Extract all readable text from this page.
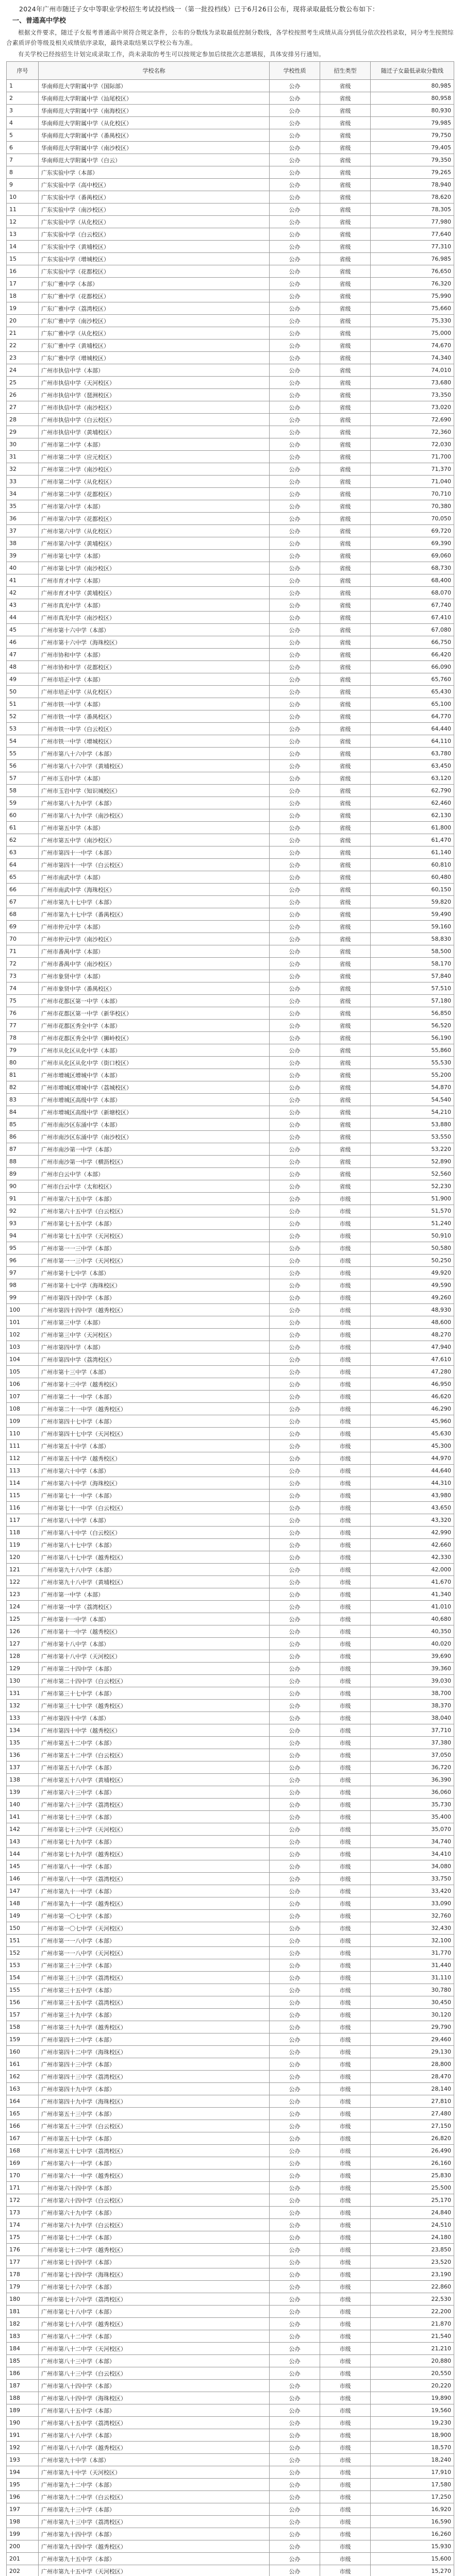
2024年广州市随迁子女中等职业学校招生考试投档线一（第一批投档线）已于6月26日公布，现将录取最低分数公布如下：

一、普通高中学校

根据文件要求，随迁子女报考普通高中须符合规定条件，公布的分数线为录取最低控制分数线，各学校按照考生成绩从高分到低分依次投档录取，同分考生按照综合素质评价等级及相关成绩依序录取，最终录取结果以学校公布为准。

有关学校已经按招生计划完成录取工作，尚未录取的考生可以按规定参加后续批次志愿填报，具体安排另行通知。

序号	学校名称	学校性质	招生类型	随迁子女最低录取分数线
1	华南师范大学附属中学（国际部）	公办	省级	80,985
2	华南师范大学附属中学（汕尾校区）	公办	省级	80,958
3	华南师范大学附属中学（南海校区）	公办	省级	80,930
4	华南师范大学附属中学（从化校区）	公办	省级	79,985
5	华南师范大学附属中学（番禺校区）	公办	省级	79,750
6	华南师范大学附属中学（南沙校区）	公办	省级	79,405
7	华南师范大学附属中学（白云）	公办	省级	79,350
8	广东实验中学（本部）	公办	省级	79,265
9	广东实验中学（高中校区）	公办	省级	78,940
10	广东实验中学（番禺校区）	公办	省级	78,620
11	广东实验中学（南沙校区）	公办	省级	78,305
12	广东实验中学（从化校区）	公办	省级	77,980
13	广东实验中学（白云校区）	公办	省级	77,640
14	广东实验中学（黄埔校区）	公办	省级	77,310
15	广东实验中学（增城校区）	公办	省级	76,985
16	广东实验中学（花都校区）	公办	省级	76,650
17	广东广雅中学（本部）	公办	省级	76,320
18	广东广雅中学（花都校区）	公办	省级	75,990
19	广东广雅中学（荔湾校区）	公办	省级	75,660
20	广东广雅中学（南沙校区）	公办	省级	75,330
21	广东广雅中学（从化校区）	公办	省级	75,000
22	广东广雅中学（黄埔校区）	公办	省级	74,670
23	广东广雅中学（增城校区）	公办	省级	74,340
24	广州市执信中学（本部）	公办	省级	74,010
25	广州市执信中学（天河校区）	公办	省级	73,680
26	广州市执信中学（琶洲校区）	公办	省级	73,350
27	广州市执信中学（南沙校区）	公办	省级	73,020
28	广州市执信中学（白云校区）	公办	省级	72,690
29	广州市执信中学（黄埔校区）	公办	省级	72,360
30	广州市第二中学（本部）	公办	省级	72,030
31	广州市第二中学（应元校区）	公办	省级	71,700
32	广州市第二中学（南沙校区）	公办	省级	71,370
33	广州市第二中学（从化校区）	公办	省级	71,040
34	广州市第二中学（花都校区）	公办	省级	70,710
35	广州市第六中学（本部）	公办	省级	70,380
36	广州市第六中学（花都校区）	公办	省级	70,050
37	广州市第六中学（从化校区）	公办	省级	69,720
38	广州市第六中学（黄埔校区）	公办	省级	69,390
39	广州市第七中学（本部）	公办	省级	69,060
40	广州市第七中学（南沙校区）	公办	省级	68,730
41	广州市育才中学（本部）	公办	省级	68,400
42	广州市育才中学（黄埔校区）	公办	省级	68,070
43	广州市真光中学（本部）	公办	省级	67,740
44	广州市真光中学（南沙校区）	公办	省级	67,410
45	广州市第十六中学（本部）	公办	省级	67,080
46	广州市第十六中学（海珠校区）	公办	省级	66,750
47	广州市协和中学（本部）	公办	省级	66,420
48	广州市协和中学（花都校区）	公办	省级	66,090
49	广州市培正中学（本部）	公办	省级	65,760
50	广州市培正中学（从化校区）	公办	省级	65,430
51	广州市铁一中学（本部）	公办	省级	65,100
52	广州市铁一中学（番禺校区）	公办	省级	64,770
53	广州市铁一中学（白云校区）	公办	省级	64,440
54	广州市铁一中学（增城校区）	公办	省级	64,110
55	广州市第八十六中学（本部）	公办	省级	63,780
56	广州市第八十六中学（黄埔校区）	公办	省级	63,450
57	广州市玉岩中学（本部）	公办	省级	63,120
58	广州市玉岩中学（知识城校区）	公办	省级	62,790
59	广州市第八十九中学（本部）	公办	省级	62,460
60	广州市第八十九中学（南沙校区）	公办	省级	62,130
61	广州市第五中学（本部）	公办	省级	61,800
62	广州市第五中学（南沙校区）	公办	省级	61,470
63	广州市第四十一中学（本部）	公办	省级	61,140
64	广州市第四十一中学（白云校区）	公办	省级	60,810
65	广州市南武中学（本部）	公办	省级	60,480
66	广州市南武中学（海珠校区）	公办	省级	60,150
67	广州市第九十七中学（本部）	公办	省级	59,820
68	广州市第九十七中学（番禺校区）	公办	省级	59,490
69	广州市仲元中学（本部）	公办	省级	59,160
70	广州市仲元中学（南沙校区）	公办	省级	58,830
71	广州市番禺中学（本部）	公办	省级	58,500
72	广州市番禺中学（南沙校区）	公办	省级	58,170
73	广州市象贤中学（本部）	公办	省级	57,840
74	广州市象贤中学（番禺校区）	公办	省级	57,510
75	广州市花都区第一中学（本部）	公办	省级	57,180
76	广州市花都区第一中学（新华校区）	公办	省级	56,850
77	广州市花都区秀全中学（本部）	公办	省级	56,520
78	广州市花都区秀全中学（狮岭校区）	公办	省级	56,190
79	广州市从化区从化中学（本部）	公办	省级	55,860
80	广州市从化区从化中学（街口校区）	公办	省级	55,530
81	广州市增城区增城中学（本部）	公办	省级	55,200
82	广州市增城区增城中学（荔城校区）	公办	省级	54,870
83	广州市增城区高级中学（本部）	公办	省级	54,540
84	广州市增城区高级中学（新塘校区）	公办	省级	54,210
85	广州市南沙区东涌中学（本部）	公办	省级	53,880
86	广州市南沙区东涌中学（南沙校区）	公办	省级	53,550
87	广州市南沙第一中学（本部）	公办	省级	53,220
88	广州市南沙第一中学（横沥校区）	公办	省级	52,890
89	广州市白云中学（本部）	公办	省级	52,560
90	广州市白云中学（太和校区）	公办	省级	52,230
91	广州市第六十五中学（本部）	公办	市级	51,900
92	广州市第六十五中学（白云校区）	公办	市级	51,570
93	广州市第七十五中学（本部）	公办	市级	51,240
94	广州市第七十五中学（天河校区）	公办	市级	50,910
95	广州市第一一三中学（本部）	公办	市级	50,580
96	广州市第一一三中学（天河校区）	公办	市级	50,250
97	广州市第十七中学（本部）	公办	市级	49,920
98	广州市第十七中学（海珠校区）	公办	市级	49,590
99	广州市第四十四中学（本部）	公办	市级	49,260
100	广州市第四十四中学（越秀校区）	公办	市级	48,930
101	广州市第三中学（本部）	公办	市级	48,600
102	广州市第三中学（天河校区）	公办	市级	48,270
103	广州市第四中学（本部）	公办	市级	47,940
104	广州市第四中学（荔湾校区）	公办	市级	47,610
105	广州市第十三中学（本部）	公办	市级	47,280
106	广州市第十三中学（越秀校区）	公办	市级	46,950
107	广州市第二十一中学（本部）	公办	市级	46,620
108	广州市第二十一中学（越秀校区）	公办	市级	46,290
109	广州市第四十七中学（本部）	公办	市级	45,960
110	广州市第四十七中学（天河校区）	公办	市级	45,630
111	广州市第五十中学（本部）	公办	市级	45,300
112	广州市第五十中学（越秀校区）	公办	市级	44,970
113	广州市第六十中学（本部）	公办	市级	44,640
114	广州市第六十中学（海珠校区）	公办	市级	44,310
115	广州市第七十一中学（本部）	公办	市级	43,980
116	广州市第七十一中学（白云校区）	公办	市级	43,650
117	广州市第八十中学（本部）	公办	市级	43,320
118	广州市第八十中学（白云校区）	公办	市级	42,990
119	广州市第八十七中学（本部）	公办	市级	42,660
120	广州市第八十七中学（越秀校区）	公办	市级	42,330
121	广州市第九十八中学（本部）	公办	市级	42,000
122	广州市第九十八中学（黄埔校区）	公办	市级	41,670
123	广州市第一中学（本部）	公办	市级	41,340
124	广州市第一中学（荔湾校区）	公办	市级	41,010
125	广州市第十一中学（本部）	公办	市级	40,680
126	广州市第十一中学（越秀校区）	公办	市级	40,350
127	广州市第十八中学（本部）	公办	市级	40,020
128	广州市第十八中学（天河校区）	公办	市级	39,690
129	广州市第二十四中学（本部）	公办	市级	39,360
130	广州市第二十四中学（白云校区）	公办	市级	39,030
131	广州市第三十七中学（本部）	公办	市级	38,700
132	广州市第三十七中学（越秀校区）	公办	市级	38,370
133	广州市第四十中学（本部）	公办	市级	38,040
134	广州市第四十中学（越秀校区）	公办	市级	37,710
135	广州市第五十二中学（本部）	公办	市级	37,380
136	广州市第五十二中学（白云校区）	公办	市级	37,050
137	广州市第五十八中学（本部）	公办	市级	36,720
138	广州市第五十八中学（黄埔校区）	公办	市级	36,390
139	广州市第六十三中学（本部）	公办	市级	36,060
140	广州市第六十三中学（荔湾校区）	公办	市级	35,730
141	广州市第七十三中学（本部）	公办	市级	35,400
142	广州市第七十三中学（天河校区）	公办	市级	35,070
143	广州市第七十九中学（本部）	公办	市级	34,740
144	广州市第七十九中学（越秀校区）	公办	市级	34,410
145	广州市第八十一中学（本部）	公办	市级	34,080
146	广州市第八十一中学（荔湾校区）	公办	市级	33,750
147	广州市第九十一中学（本部）	公办	市级	33,420
148	广州市第九十一中学（越秀校区）	公办	市级	33,090
149	广州市第一〇七中学（本部）	公办	市级	32,760
150	广州市第一〇七中学（天河校区）	公办	市级	32,430
151	广州市第一一八中学（本部）	公办	市级	32,100
152	广州市第一一八中学（天河校区）	公办	市级	31,770
153	广州市第三十三中学（本部）	公办	市级	31,440
154	广州市第三十三中学（荔湾校区）	公办	市级	31,110
155	广州市第三十五中学（本部）	公办	市级	30,780
156	广州市第三十五中学（荔湾校区）	公办	市级	30,450
157	广州市第三十九中学（本部）	公办	市级	30,120
158	广州市第三十九中学（越秀校区）	公办	市级	29,790
159	广州市第四十二中学（本部）	公办	市级	29,460
160	广州市第四十二中学（海珠校区）	公办	市级	29,130
161	广州市第四十三中学（本部）	公办	市级	28,800
162	广州市第四十三中学（荔湾校区）	公办	市级	28,470
163	广州市第四十九中学（本部）	公办	市级	28,140
164	广州市第四十九中学（海珠校区）	公办	市级	27,810
165	广州市第五十三中学（本部）	公办	市级	27,480
166	广州市第五十三中学（白云校区）	公办	市级	27,150
167	广州市第五十七中学（本部）	公办	市级	26,820
168	广州市第五十七中学（荔湾校区）	公办	市级	26,490
169	广州市第六十一中学（本部）	公办	市级	26,160
170	广州市第六十一中学（越秀校区）	公办	市级	25,830
171	广州市第六十四中学（本部）	公办	市级	25,500
172	广州市第六十四中学（白云校区）	公办	市级	25,170
173	广州市第六十九中学（本部）	公办	市级	24,840
174	广州市第六十九中学（白云校区）	公办	市级	24,510
175	广州市第七十二中学（本部）	公办	市级	24,180
176	广州市第七十二中学（越秀校区）	公办	市级	23,850
177	广州市第七十四中学（本部）	公办	市级	23,520
178	广州市第七十四中学（海珠校区）	公办	市级	23,190
179	广州市第七十六中学（本部）	公办	市级	22,860
180	广州市第七十六中学（荔湾校区）	公办	市级	22,530
181	广州市第七十八中学（本部）	公办	市级	22,200
182	广州市第七十八中学（越秀校区）	公办	市级	21,870
183	广州市第八十二中学（本部）	公办	市级	21,540
184	广州市第八十二中学（天河校区）	公办	市级	21,210
185	广州市第八十三中学（本部）	公办	市级	20,880
186	广州市第八十三中学（白云校区）	公办	市级	20,550
187	广州市第八十四中学（本部）	公办	市级	20,220
188	广州市第八十四中学（海珠校区）	公办	市级	19,890
189	广州市第八十五中学（本部）	公办	市级	19,560
190	广州市第八十五中学（荔湾校区）	公办	市级	19,230
191	广州市第八十八中学（本部）	公办	市级	18,900
192	广州市第八十八中学（越秀校区）	公办	市级	18,570
193	广州市第九十中学（本部）	公办	市级	18,240
194	广州市第九十中学（天河校区）	公办	市级	17,910
195	广州市第九十二中学（本部）	公办	市级	17,580
196	广州市第九十二中学（白云校区）	公办	市级	17,250
197	广州市第九十三中学（本部）	公办	市级	16,920
198	广州市第九十三中学（荔湾校区）	公办	市级	16,590
199	广州市第九十四中学（本部）	公办	市级	16,260
200	广州市第九十四中学（越秀校区）	公办	市级	15,930
201	广州市第九十五中学（本部）	公办	市级	15,600
202	广州市第九十五中学（天河校区）	公办	市级	15,270
